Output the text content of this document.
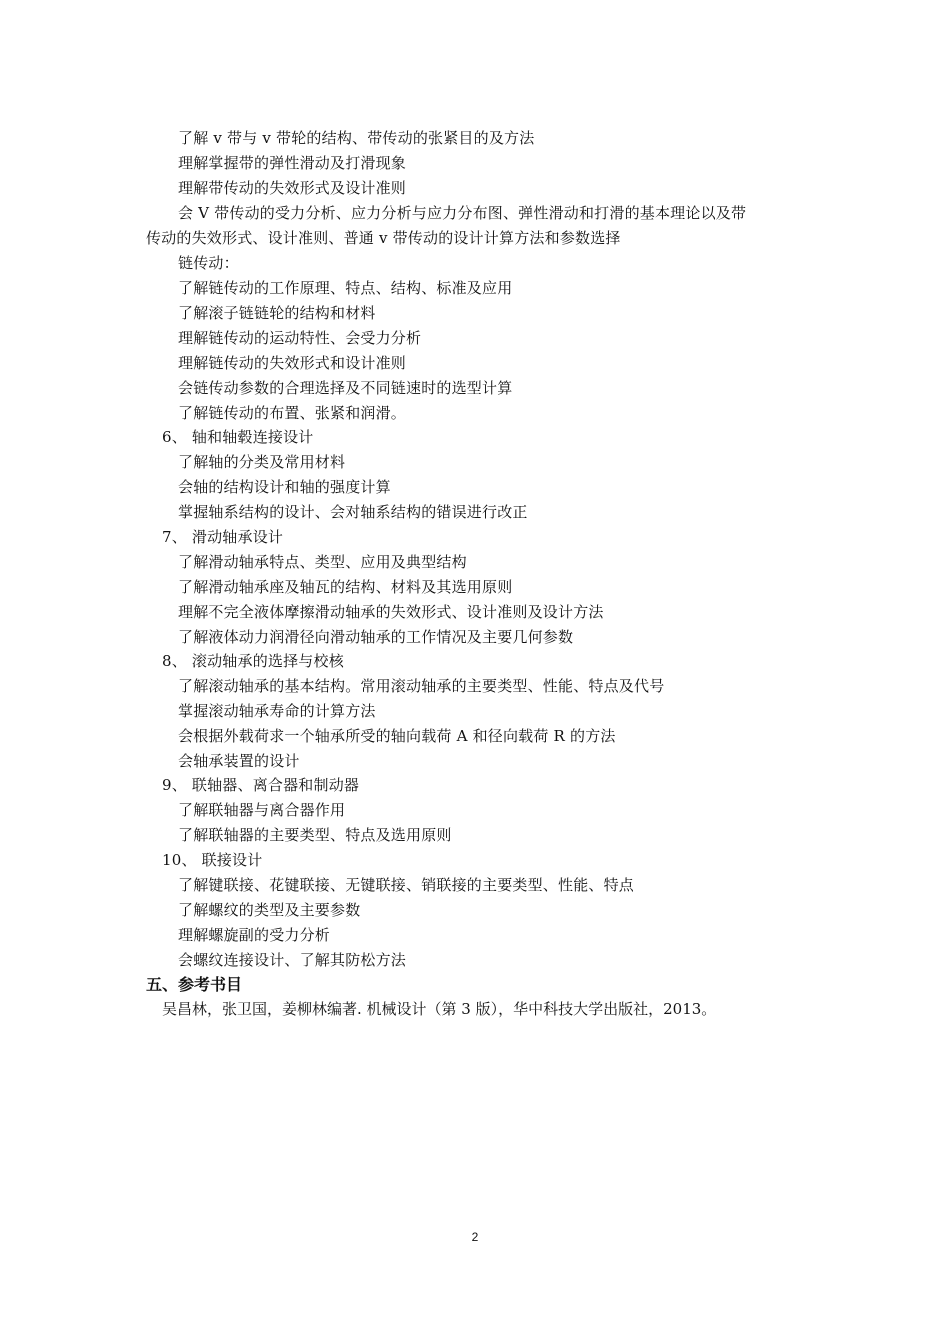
了解 v 带与 v 带轮的结构、带传动的张紧目的及方法
理解掌握带的弹性滑动及打滑现象
理解带传动的失效形式及设计准则
会 V 带传动的受力分析、应力分析与应力分布图、弹性滑动和打滑的基本理论以及带
传动的失效形式、设计准则、普通 v 带传动的设计计算方法和参数选择
链传动：
了解链传动的工作原理、特点、结构、标准及应用
了解滚子链链轮的结构和材料
理解链传动的运动特性、会受力分析
理解链传动的失效形式和设计准则
会链传动参数的合理选择及不同链速时的选型计算
了解链传动的布置、张紧和润滑。
6、 轴和轴毂连接设计
了解轴的分类及常用材料
会轴的结构设计和轴的强度计算
掌握轴系结构的设计、会对轴系结构的错误进行改正
7、 滑动轴承设计
了解滑动轴承特点、类型、应用及典型结构
了解滑动轴承座及轴瓦的结构、材料及其选用原则
理解不完全液体摩擦滑动轴承的失效形式、设计准则及设计方法
了解液体动力润滑径向滑动轴承的工作情况及主要几何参数
8、 滚动轴承的选择与校核
了解滚动轴承的基本结构。常用滚动轴承的主要类型、性能、特点及代号
掌握滚动轴承寿命的计算方法
会根据外载荷求一个轴承所受的轴向载荷 A 和径向载荷 R 的方法
会轴承装置的设计
9、 联轴器、离合器和制动器
了解联轴器与离合器作用
了解联轴器的主要类型、特点及选用原则
10、 联接设计
了解键联接、花键联接、无键联接、销联接的主要类型、性能、特点
了解螺纹的类型及主要参数
理解螺旋副的受力分析
会螺纹连接设计、了解其防松方法
五、参考书目
吴昌林，张卫国，姜柳林编著. 机械设计（第 3 版），华中科技大学出版社，2013。
2
